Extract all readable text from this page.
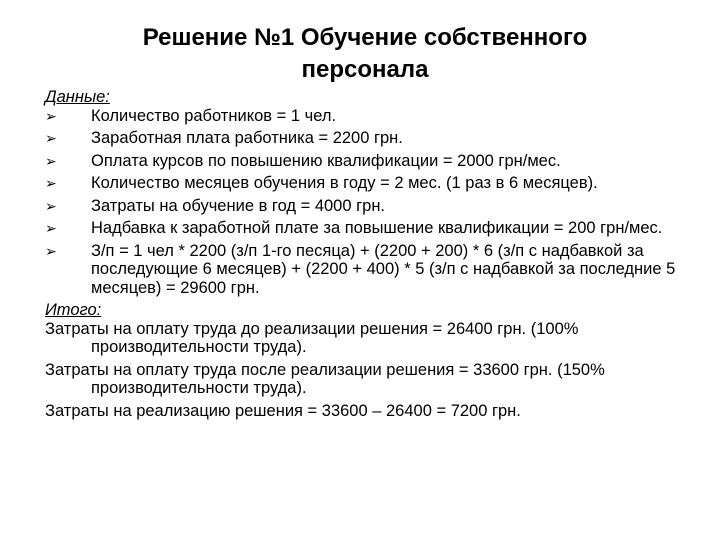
Решение №1 Обучение собственного персонала

Данные:

➢	Количество работников = 1 чел.
➢	Заработная плата работника = 2200 грн.
➢	Оплата курсов по повышению квалификации = 2000 грн/мес.
➢	Количество месяцев обучения в году = 2 мес. (1 раз в 6 месяцев).
➢	Затраты на обучение в год = 4000 грн.
➢	Надбавка к заработной плате за повышение квалификации = 200 грн/мес.
➢	З/п = 1 чел * 2200 (з/п 1-го песяца) + (2200 + 200) * 6 (з/п с надбавкой за последующие 6 месяцев) + (2200 + 400) * 5 (з/п с надбавкой за последние 5 месяцев) = 29600 грн.

Итого:

Затраты на оплату труда до реализации решения = 26400 грн. (100% производительности труда).

Затраты на оплату труда после реализации решения = 33600 грн. (150% производительности труда).

Затраты на реализацию решения = 33600 – 26400 = 7200 грн.
